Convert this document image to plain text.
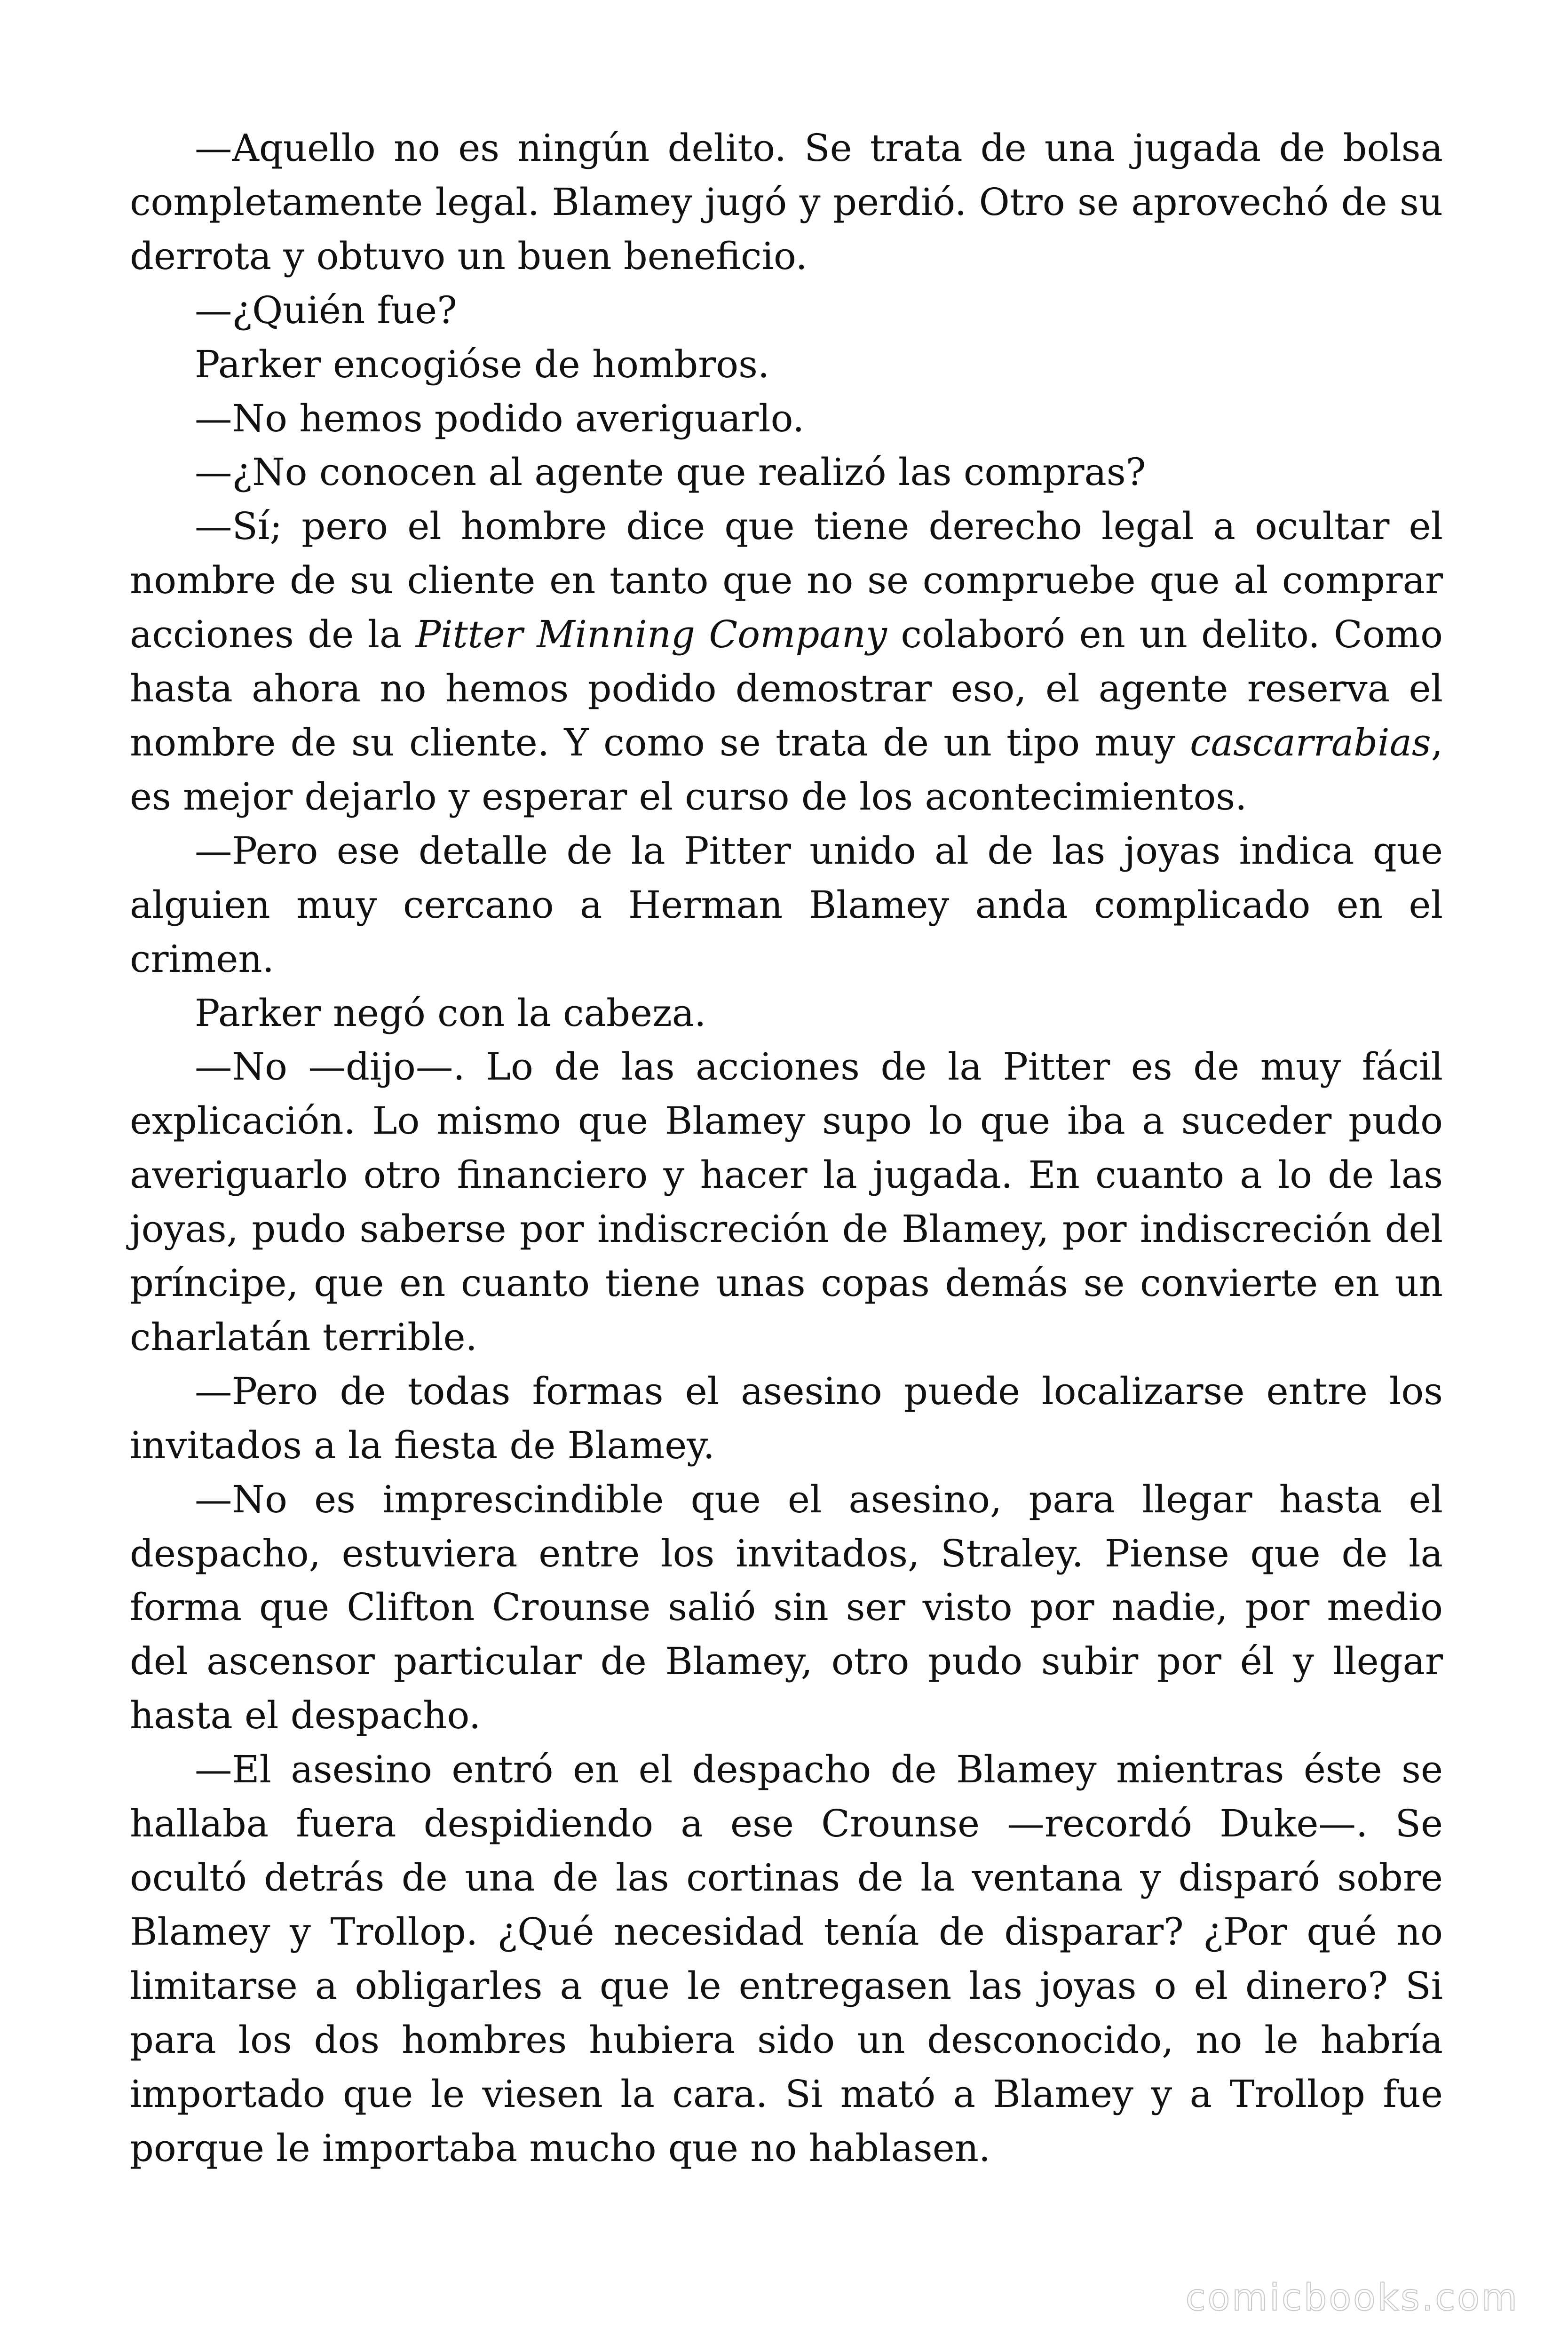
—Aquello no es ningún delito. Se trata de una jugada de bolsa completamente legal. Blamey jugó y perdió. Otro se aprovechó de su derrota y obtuvo un buen beneficio.

—¿Quién fue?

Parker encogióse de hombros.

—No hemos podido averiguarlo.

—¿No conocen al agente que realizó las compras?

—Sí; pero el hombre dice que tiene derecho legal a ocultar el nombre de su cliente en tanto que no se compruebe que al comprar acciones de la Pitter Minning Company colaboró en un delito. Como hasta ahora no hemos podido demostrar eso, el agente reserva el nombre de su cliente. Y como se trata de un tipo muy cascarrabias, es mejor dejarlo y esperar el curso de los acontecimientos.

—Pero ese detalle de la Pitter unido al de las joyas indica que alguien muy cercano a Herman Blamey anda complicado en el crimen.

Parker negó con la cabeza.

—No —dijo—. Lo de las acciones de la Pitter es de muy fácil explicación. Lo mismo que Blamey supo lo que iba a suceder pudo averiguarlo otro financiero y hacer la jugada. En cuanto a lo de las joyas, pudo saberse por indiscreción de Blamey, por indiscreción del príncipe, que en cuanto tiene unas copas demás se convierte en un charlatán terrible.

—Pero de todas formas el asesino puede localizarse entre los invitados a la fiesta de Blamey.

—No es imprescindible que el asesino, para llegar hasta el despacho, estuviera entre los invitados, Straley. Piense que de la forma que Clifton Crounse salió sin ser visto por nadie, por medio del ascensor particular de Blamey, otro pudo subir por él y llegar hasta el despacho.

—El asesino entró en el despacho de Blamey mientras éste se hallaba fuera despidiendo a ese Crounse —recordó Duke—. Se ocultó detrás de una de las cortinas de la ventana y disparó sobre Blamey y Trollop. ¿Qué necesidad tenía de disparar? ¿Por qué no limitarse a obligarles a que le entregasen las joyas o el dinero? Si para los dos hombres hubiera sido un desconocido, no le habría importado que le viesen la cara. Si mató a Blamey y a Trollop fue porque le importaba mucho que no hablasen.

comicbooks.com
